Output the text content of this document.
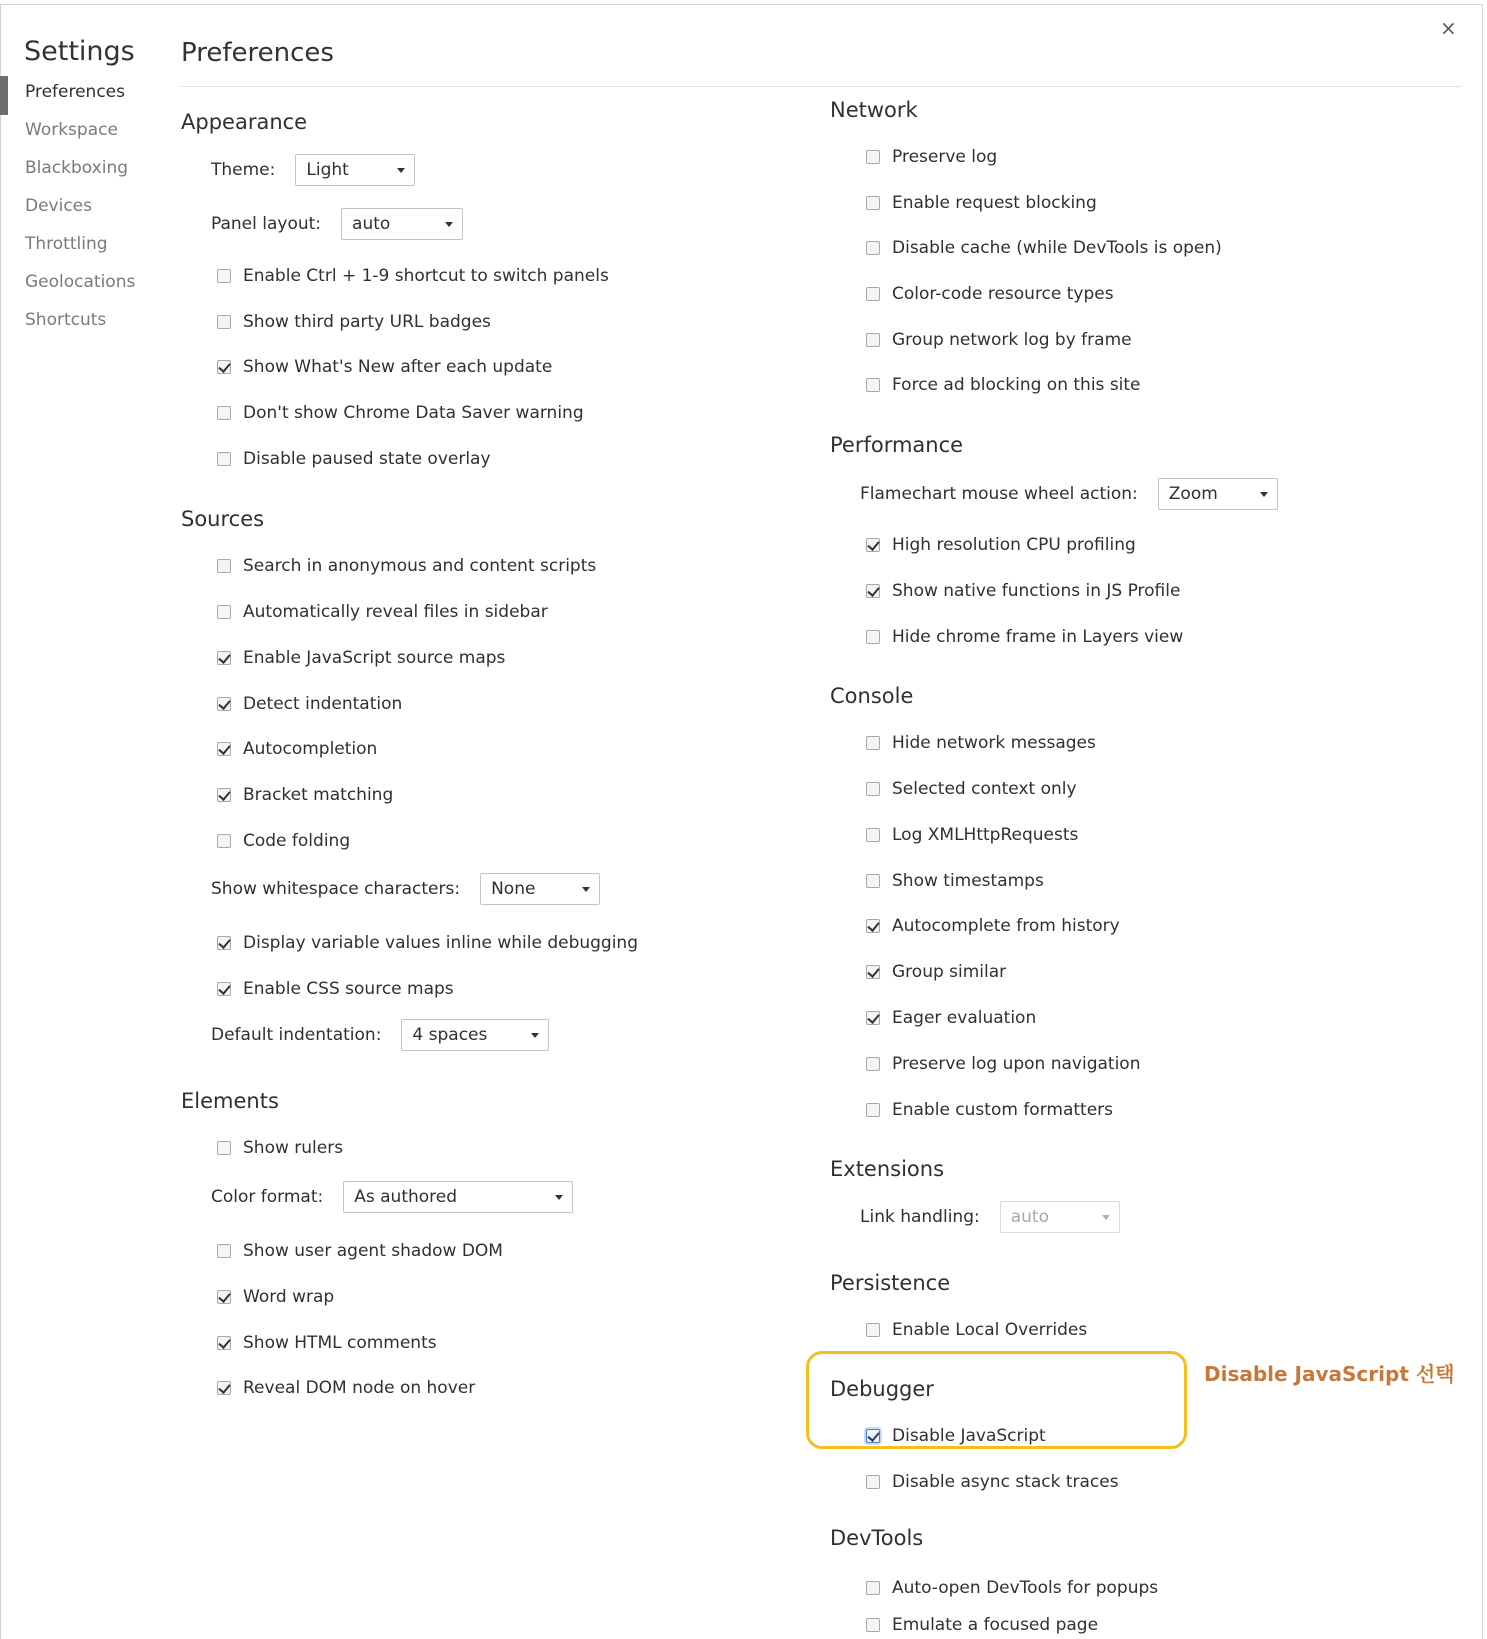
×
Settings
Preferences
Workspace
Blackboxing
Devices
Throttling
Geolocations
Shortcuts
Preferences
Appearance
Theme: Light
Panel layout: auto
Enable Ctrl + 1-9 shortcut to switch panels
Show third party URL badges
Show What's New after each update
Don't show Chrome Data Saver warning
Disable paused state overlay
Sources
Search in anonymous and content scripts
Automatically reveal files in sidebar
Enable JavaScript source maps
Detect indentation
Autocompletion
Bracket matching
Code folding
Show whitespace characters: None
Display variable values inline while debugging
Enable CSS source maps
Default indentation: 4 spaces
Elements
Show rulers
Color format: As authored
Show user agent shadow DOM
Word wrap
Show HTML comments
Reveal DOM node on hover
Network
Preserve log
Enable request blocking
Disable cache (while DevTools is open)
Color-code resource types
Group network log by frame
Force ad blocking on this site
Performance
Flamechart mouse wheel action: Zoom
High resolution CPU profiling
Show native functions in JS Profile
Hide chrome frame in Layers view
Console
Hide network messages
Selected context only
Log XMLHttpRequests
Show timestamps
Autocomplete from history
Group similar
Eager evaluation
Preserve log upon navigation
Enable custom formatters
Extensions
Link handling: auto
Persistence
Enable Local Overrides
Disable JavaScript 선택
Debugger
Disable JavaScript
Disable async stack traces
DevTools
Auto-open DevTools for popups
Emulate a focused page
